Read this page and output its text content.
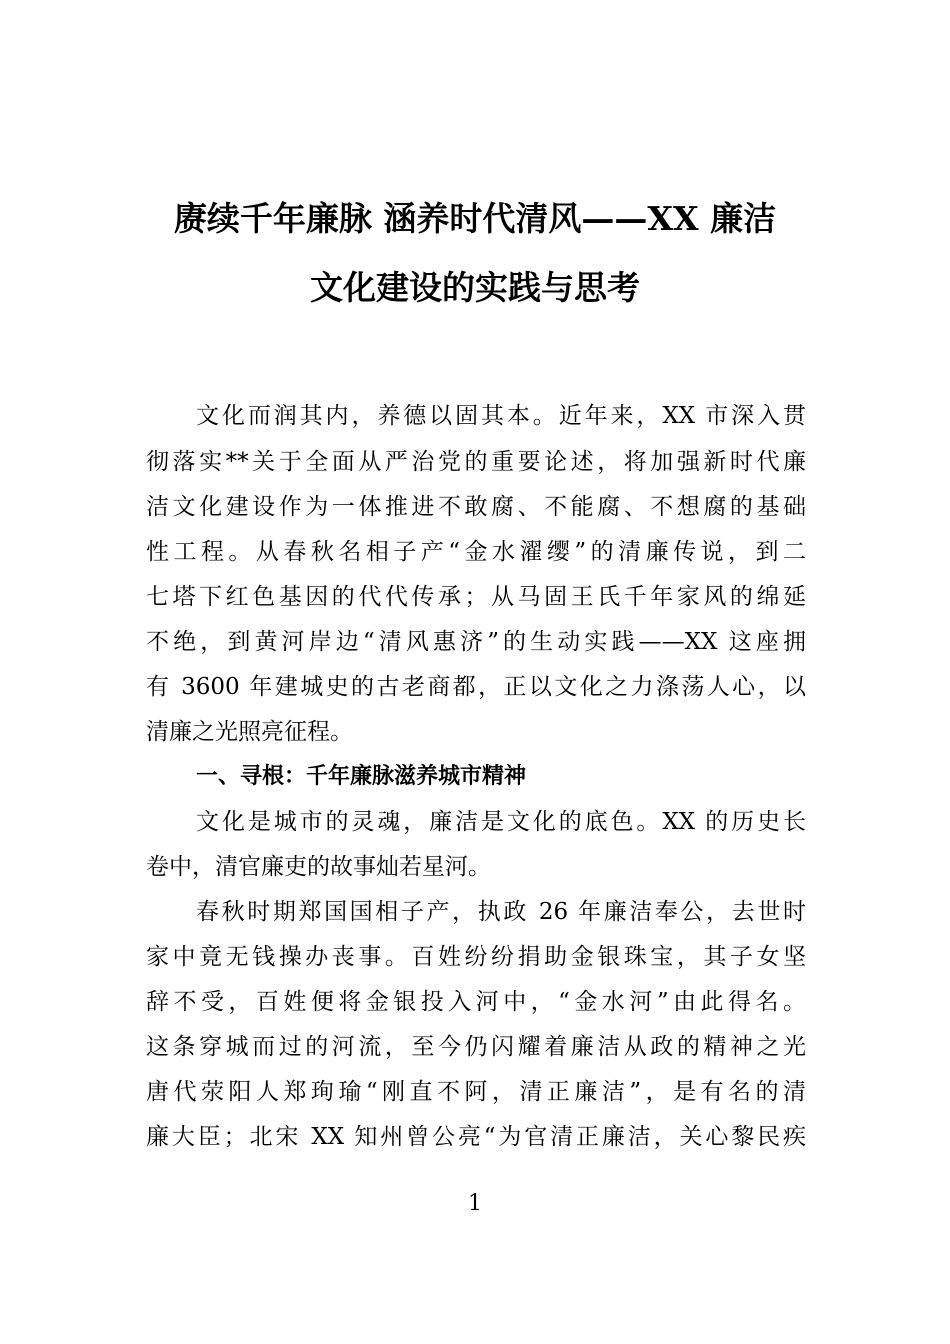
赓续千年廉脉 涵养时代清风——XX 廉洁
文化建设的实践与思考

文化而润其内，养德以固其本。近年来，XX 市深入贯

彻落实**关于全面从严治党的重要论述，将加强新时代廉

洁文化建设作为一体推进不敢腐、不能腐、不想腐的基础

性工程。从春秋名相子产“金水濯缨”的清廉传说，到二

七塔下红色基因的代代传承；从马固王氏千年家风的绵延

不绝，到黄河岸边“清风惠济”的生动实践——XX 这座拥

有 3600 年建城史的古老商都，正以文化之力涤荡人心，以

清廉之光照亮征程。

一、寻根：千年廉脉滋养城市精神

文化是城市的灵魂，廉洁是文化的底色。XX 的历史长

卷中，清官廉吏的故事灿若星河。

春秋时期郑国国相子产，执政 26 年廉洁奉公，去世时

家中竟无钱操办丧事。百姓纷纷捐助金银珠宝，其子女坚

辞不受，百姓便将金银投入河中，“金水河”由此得名。

这条穿城而过的河流，至今仍闪耀着廉洁从政的精神之光

唐代荥阳人郑珣瑜“刚直不阿，清正廉洁”，是有名的清

廉大臣；北宋 XX 知州曾公亮“为官清正廉洁，关心黎民疾

1
